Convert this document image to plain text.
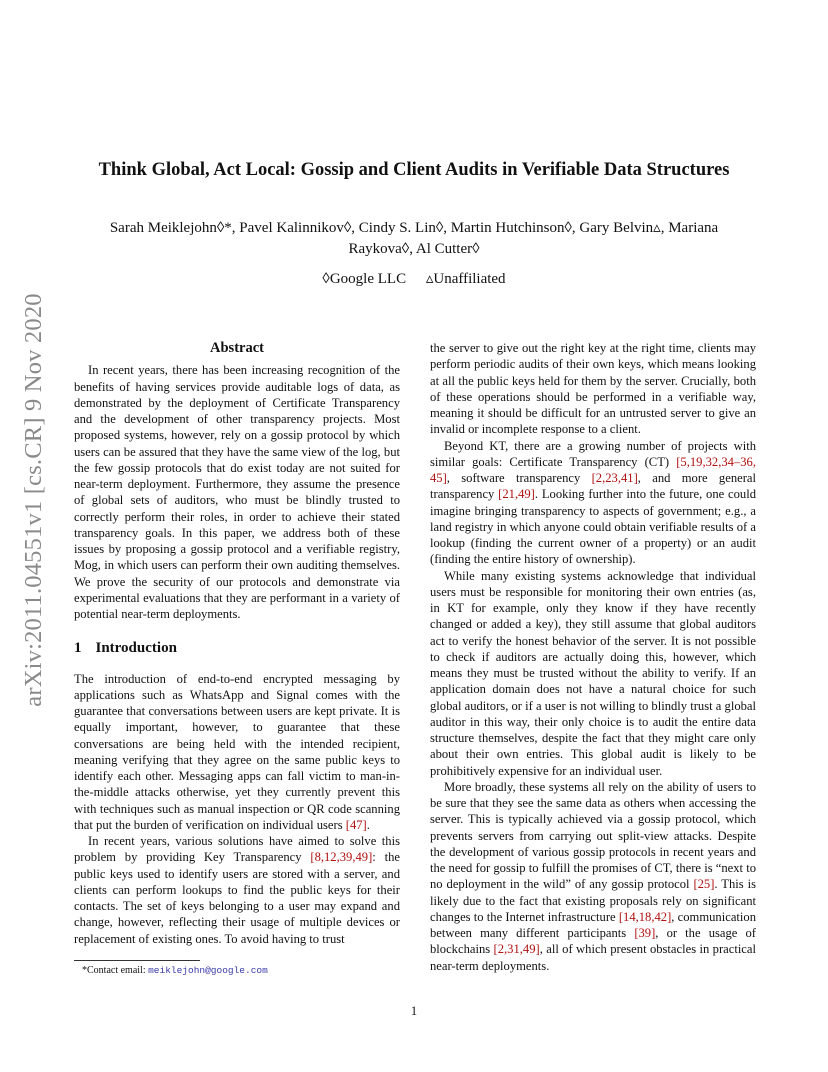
arXiv:2011.04551v1 [cs.CR] 9 Nov 2020
Think Global, Act Local: Gossip and Client Audits in Verifiable Data Structures
Sarah Meiklejohn◊*, Pavel Kalinnikov◊, Cindy S. Lin◊, Martin Hutchinson◊, Gary Belvin▵, Mariana
Raykova◊, Al Cutter◊
◊Google LLC ▵Unaffiliated
Abstract

In recent years, there has been increasing recognition of the benefits of having services provide auditable logs of data, as demonstrated by the deployment of Certificate Transparency and the development of other transparency projects. Most proposed systems, however, rely on a gossip protocol by which users can be assured that they have the same view of the log, but the few gossip protocols that do exist today are not suited for near-term deployment. Furthermore, they assume the presence of global sets of auditors, who must be blindly trusted to correctly perform their roles, in order to achieve their stated transparency goals. In this paper, we address both of these issues by proposing a gossip protocol and a verifiable registry, Mog, in which users can perform their own auditing themselves. We prove the security of our protocols and demonstrate via experimental evaluations that they are performant in a variety of potential near-term deployments.

1 Introduction

The introduction of end-to-end encrypted messaging by applications such as WhatsApp and Signal comes with the guarantee that conversations between users are kept private. It is equally important, however, to guarantee that these conversations are being held with the intended recipient, meaning verifying that they agree on the same public keys to identify each other. Messaging apps can fall victim to man-in-the-middle attacks otherwise, yet they currently prevent this with techniques such as manual inspection or QR code scanning that put the burden of verification on individual users [47].

In recent years, various solutions have aimed to solve this problem by providing Key Transparency [8,12,39,49]: the public keys used to identify users are stored with a server, and clients can perform lookups to find the public keys for their contacts. The set of keys belonging to a user may expand and change, however, reflecting their usage of multiple devices or replacement of existing ones. To avoid having to trust

the server to give out the right key at the right time, clients may perform periodic audits of their own keys, which means looking at all the public keys held for them by the server. Crucially, both of these operations should be performed in a verifiable way, meaning it should be difficult for an untrusted server to give an invalid or incomplete response to a client.

Beyond KT, there are a growing number of projects with similar goals: Certificate Transparency (CT) [5,19,32,34–36, 45], software transparency [2,23,41], and more general transparency [21,49]. Looking further into the future, one could imagine bringing transparency to aspects of government; e.g., a land registry in which anyone could obtain verifiable results of a lookup (finding the current owner of a property) or an audit (finding the entire history of ownership).

While many existing systems acknowledge that individual users must be responsible for monitoring their own entries (as, in KT for example, only they know if they have recently changed or added a key), they still assume that global auditors act to verify the honest behavior of the server. It is not possible to check if auditors are actually doing this, however, which means they must be trusted without the ability to verify. If an application domain does not have a natural choice for such global auditors, or if a user is not willing to blindly trust a global auditor in this way, their only choice is to audit the entire data structure themselves, despite the fact that they might care only about their own entries. This global audit is likely to be prohibitively expensive for an individual user.

More broadly, these systems all rely on the ability of users to be sure that they see the same data as others when accessing the server. This is typically achieved via a gossip protocol, which prevents servers from carrying out split-view attacks. Despite the development of various gossip protocols in recent years and the need for gossip to fulfill the promises of CT, there is “next to no deployment in the wild” of any gossip protocol [25]. This is likely due to the fact that existing proposals rely on significant changes to the Internet infrastructure [14,18,42], communication between many different participants [39], or the usage of blockchains [2,31,49], all of which present obstacles in practical near-term deployments.

*Contact email: meiklejohn@google.com
1
